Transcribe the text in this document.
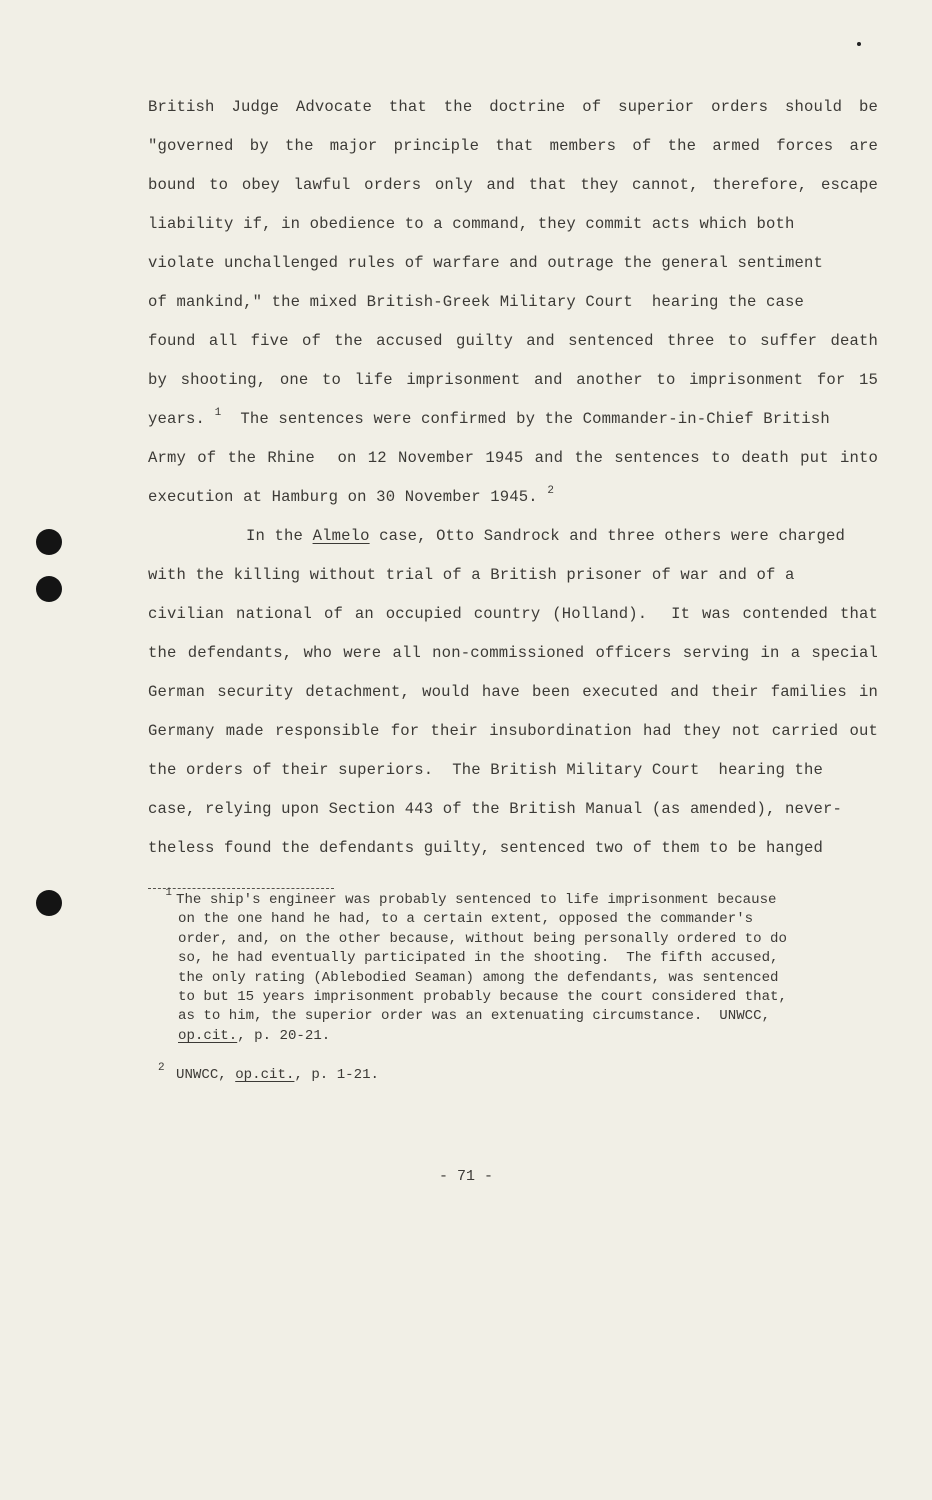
British Judge Advocate that the doctrine of superior orders should be
"governed by the major principle that members of the armed forces are
bound to obey lawful orders only and that they cannot, therefore, escape
liability if, in obedience to a command, they commit acts which both
violate unchallenged rules of warfare and outrage the general sentiment
of mankind," the mixed British-Greek Military Court  hearing the case
found all five of the accused guilty and sentenced three to suffer death
by shooting, one to life imprisonment and another to imprisonment for 15
years. $^1$ The sentences were confirmed by the Commander-in-Chief British
Army of the Rhine  on 12 November 1945 and the sentences to death put into
execution at Hamburg on 30 November 1945. $^2$
In the Almelo case, Otto Sandrock and three others were charged
with the killing without trial of a British prisoner of war and of a
civilian national of an occupied country (Holland).  It was contended that
the defendants, who were all non-commissioned officers serving in a special
German security detachment, would have been executed and their families in
Germany made responsible for their insubordination had they not carried out
the orders of their superiors.  The British Military Court  hearing the
case, relying upon Section 443 of the British Manual (as amended), never-
theless found the defendants guilty, sentenced two of them to be hanged
$^1$ The ship's engineer was probably sentenced to life imprisonment because
on the one hand he had, to a certain extent, opposed the commander's
order, and, on the other because, without being personally ordered to do
so, he had eventually participated in the shooting.  The fifth accused,
the only rating (Ablebodied Seaman) among the defendants, was sentenced
to but 15 years imprisonment probably because the court considered that,
as to him, the superior order was an extenuating circumstance.  UNWCC,
op.cit., p. 20-21.
$^2$ UNWCC, op.cit., p. 1-21.
- 71 -
